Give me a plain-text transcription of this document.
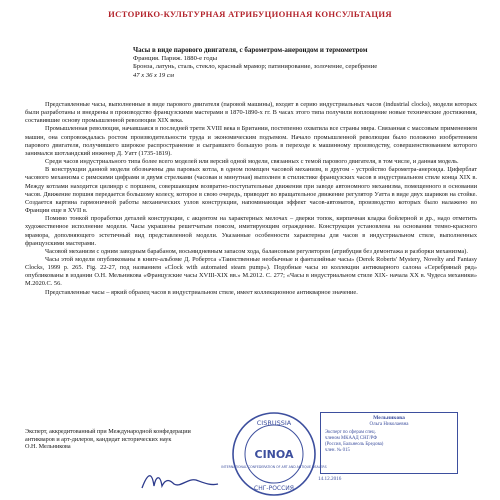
ИСТОРИКО-КУЛЬТУРНАЯ АТРИБУЦИОННАЯ КОНСУЛЬТАЦИЯ
Часы в виде парового двигателя, с барометром-анероидом и термометром
Франция. Париж. 1880-е годы
Бронза, латунь, сталь, стекло, красный мрамор; патинирование, золочение, серебрение
47 х 36 х 19 см

Представленные часы, выполненные в виде парового двигателя (паровой машины), входят в серию индустриальных часов (industrial clocks), модели которых были разработаны и внедрены в производство французскими мастерами в 1870-1890-х гг. В часах этого типа получили воплощение новые технические достижения, составившие основу промышленной революции XIX века.

Промышленная революция, начавшаяся в последней трети XVIII века в Британии, постепенно охватила все страны мира. Связанная с массовым применением машин, она сопровождалась ростом производительности труда и экономическим подъемом. Начало промышленной революции было положено изобретением парового двигателя, получившего широкое распространение и сыгравшего большую роль в переходе к машинному производству, совершенствованием которого занимался шотландский инженер Д. Уатт (1735-1819).

Среди часов индустриального типа более всего моделей или версий одной модели, связанных с темой парового двигателя, в том числе, и данная модель.

В конструкции данной модели обозначены два паровых котла, в одном помещен часовой механизм, в другом - устройство барометра-анероида. Циферблат часового механизма с римскими цифрами и двумя стрелками (часовая и минутная) выполнен в стилистике французских часов в индустриальном стиле конца XIX в. Между котлами находится цилиндр с поршнем, совершающим возвратно-поступательные движения при заводе автономного механизма, помещенного в основании часов. Движение поршня передается большому колесу, которое в свою очередь, приводит во вращательное движение регулятор Уатта в виде двух шариков на стойке. Создается картина гармоничной работы механических узлов конструкции, напоминающая эффект часов-автоматов, производство которых было налажено во Франции еще в XVII в.

Помимо тонкой проработки деталей конструкции, с акцентом на характерных мелочах – дверки топок, кирпичная кладка бойлерной и др., надо отметить художественное исполнение модели. Часы украшены решетчатым поясом, имитирующим ограждение. Конструкция установлена на основании темно-красного мрамора, дополняющего эстетичный вид представленной модели. Указанные особенности характерны для часов в индустриальном стиле, выполненных французскими мастерами.

Часовой механизм с одним заводным барабаном, восьмидневным запасом хода, балансовым регулятором (атрибуция без демонтажа и разборки механизма).

Часы этой модели опубликованы в книге-альбоме Д. Робертса «Таинственные необычные и фантазийные часы» (Derek Roberts' Mystery, Novelty and Fantasy Clocks, 1999 р. 265. Fig. 22-27, под названием «Clock with automated steam pump»). Подобные часы из коллекции антикварного салона «Серебряный ряд» опубликованы в издании О.Н. Мельникова «Французские часы XVIII-XIX вв.» М.2012. С. 277; «Часы в индустриальном стиле XIX- начала XX в. Чудеса механики» М.2020.С. 56.

Представленные часы – яркий образец часов в индустриальном стиле, имеет коллекционное антикварное значение.

Эксперт, аккредитованный при Международной конфедерации
антикваров и арт-дилеров, кандидат исторических наук
О.Н. Мельникова
CISRUSSIA
CINOA
INTERNATIONAL CONFEDERATION OF ART AND ANTIQUE DEALERS
СНГ-РОССИЯ
Мельникова
Ольга Николаевна
Эксперт по сферам спец.
членом МКААД СНГ/РФ
(Россия, Бальнеоль Бредова)
член. № 015
14.12.2016
